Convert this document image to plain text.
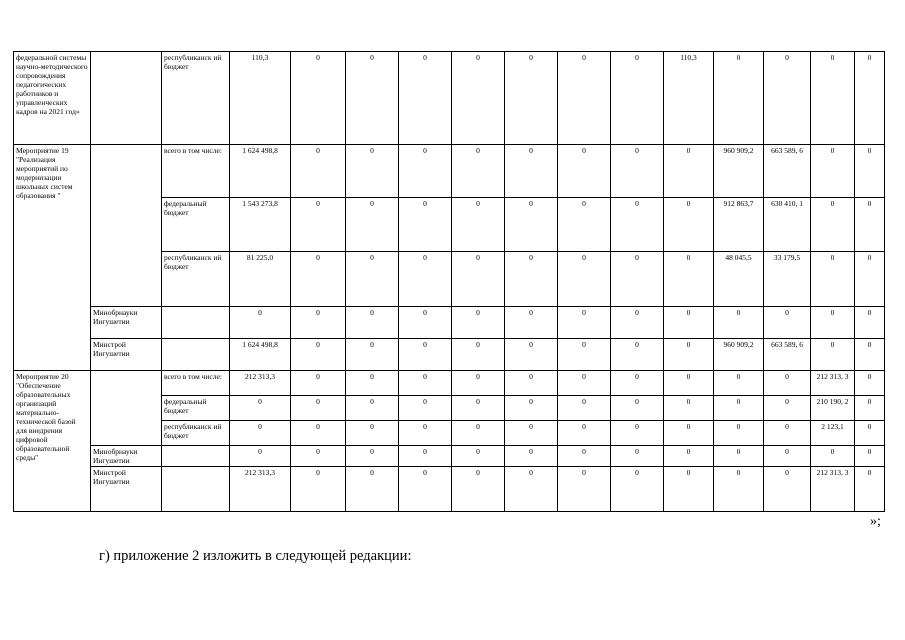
федеральной системы научно-методического сопровождения педагогических работников и управленческих кадров на 2021 год»		республиканск ий бюджет	110,3	0	0	0	0	0	0	0	110,3	0	0	0	0
Мероприятие 19 "Реализация мероприятий по модернизации школьных систем образования "		всего в том числе:	1 624 498,8	0	0	0	0	0	0	0	0	960 909,2	663 589, 6	0	0
		федеральный бюджет	1 543 273,8	0	0	0	0	0	0	0	0	912 863,7	630 410, 1	0	0
		республиканск ий бюджет	81 225,0	0	0	0	0	0	0	0	0	48 045,5	33 179,5	0	0
	Минобрнауки Ингушетии		0	0	0	0	0	0	0	0	0	0	0	0	0
	Минстрой Ингушетии		1 624 498,8	0	0	0	0	0	0	0	0	960 909,2	663 589, 6	0	0
Мероприятие 20 "Обеспечение образовательных организаций материально-технической базой для внедрения цифровой образовательной среды"		всего в том числе:	212 313,3	0	0	0	0	0	0	0	0	0	0	212 313, 3	0
		федеральный бюджет	0	0	0	0	0	0	0	0	0	0	0	210 190, 2	0
		республиканск ий бюджет	0	0	0	0	0	0	0	0	0	0	0	2 123,1	0
	Минобрнауки Ингушетии		0	0	0	0	0	0	0	0	0	0	0	0	0
	Минстрой Ингушетии		212 313,3	0	0	0	0	0	0	0	0	0	0	212 313, 3	0
»;
г) приложение 2 изложить в следующей редакции:
